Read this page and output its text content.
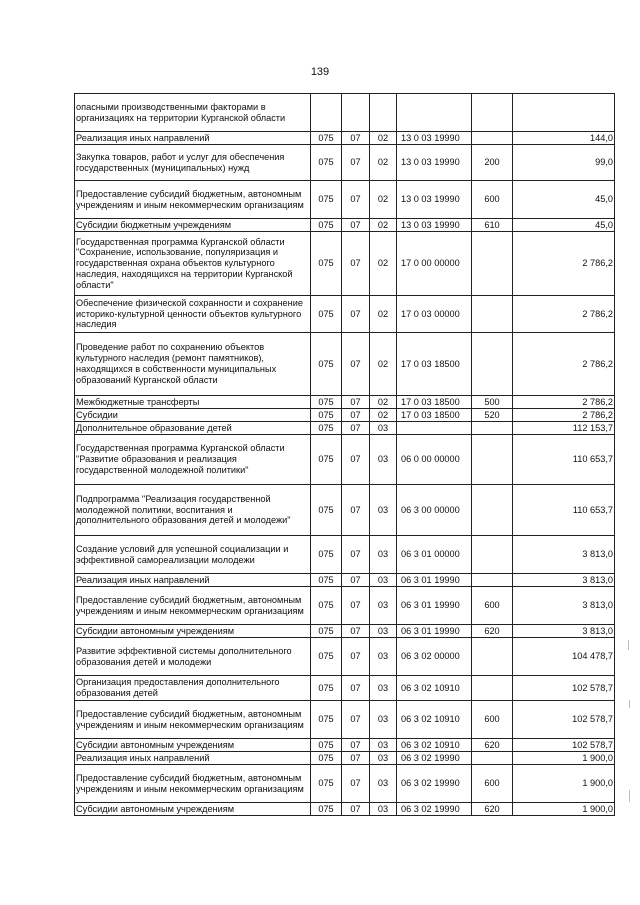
139
опасными производственными факторами в организациях на территории Курганской области						
Реализация иных направлений	075	07	02	13 0 03 19990		144,0
Закупка товаров, работ и услуг для обеспечения государственных (муниципальных) нужд	075	07	02	13 0 03 19990	200	99,0
Предоставление субсидий бюджетным, автономным учреждениям и иным некоммерческим организациям	075	07	02	13 0 03 19990	600	45,0
Субсидии бюджетным учреждениям	075	07	02	13 0 03 19990	610	45,0
Государственная программа Курганской области "Сохранение, использование, популяризация и государственная охрана объектов культурного наследия, находящихся на территории Курганской области"	075	07	02	17 0 00 00000		2 786,2
Обеспечение физической сохранности и сохранение историко-культурной ценности объектов культурного наследия	075	07	02	17 0 03 00000		2 786,2
Проведение работ по сохранению объектов культурного наследия (ремонт памятников), находящихся в собственности муниципальных образований Курганской области	075	07	02	17 0 03 18500		2 786,2
Межбюджетные трансферты	075	07	02	17 0 03 18500	500	2 786,2
Субсидии	075	07	02	17 0 03 18500	520	2 786,2
Дополнительное образование детей	075	07	03			112 153,7
Государственная программа Курганской области "Развитие образования и реализация государственной молодежной политики"	075	07	03	06 0 00 00000		110 653,7
Подпрограмма "Реализация государственной молодежной политики, воспитания и дополнительного образования детей и молодежи"	075	07	03	06 3 00 00000		110 653,7
Создание условий для успешной социализации и эффективной самореализации молодежи	075	07	03	06 3 01 00000		3 813,0
Реализация иных направлений	075	07	03	06 3 01 19990		3 813,0
Предоставление субсидий бюджетным, автономным учреждениям и иным некоммерческим организациям	075	07	03	06 3 01 19990	600	3 813,0
Субсидии автономным учреждениям	075	07	03	06 3 01 19990	620	3 813,0
Развитие эффективной системы дополнительного образования детей и молодежи	075	07	03	06 3 02 00000		104 478,7
Организация предоставления дополнительного образования детей	075	07	03	06 3 02 10910		102 578,7
Предоставление субсидий бюджетным, автономным учреждениям и иным некоммерческим организациям	075	07	03	06 3 02 10910	600	102 578,7
Субсидии автономным учреждениям	075	07	03	06 3 02 10910	620	102 578,7
Реализация иных направлений	075	07	03	06 3 02 19990		1 900,0
Предоставление субсидий бюджетным, автономным учреждениям и иным некоммерческим организациям	075	07	03	06 3 02 19990	600	1 900,0
Субсидии автономным учреждениям	075	07	03	06 3 02 19990	620	1 900,0
